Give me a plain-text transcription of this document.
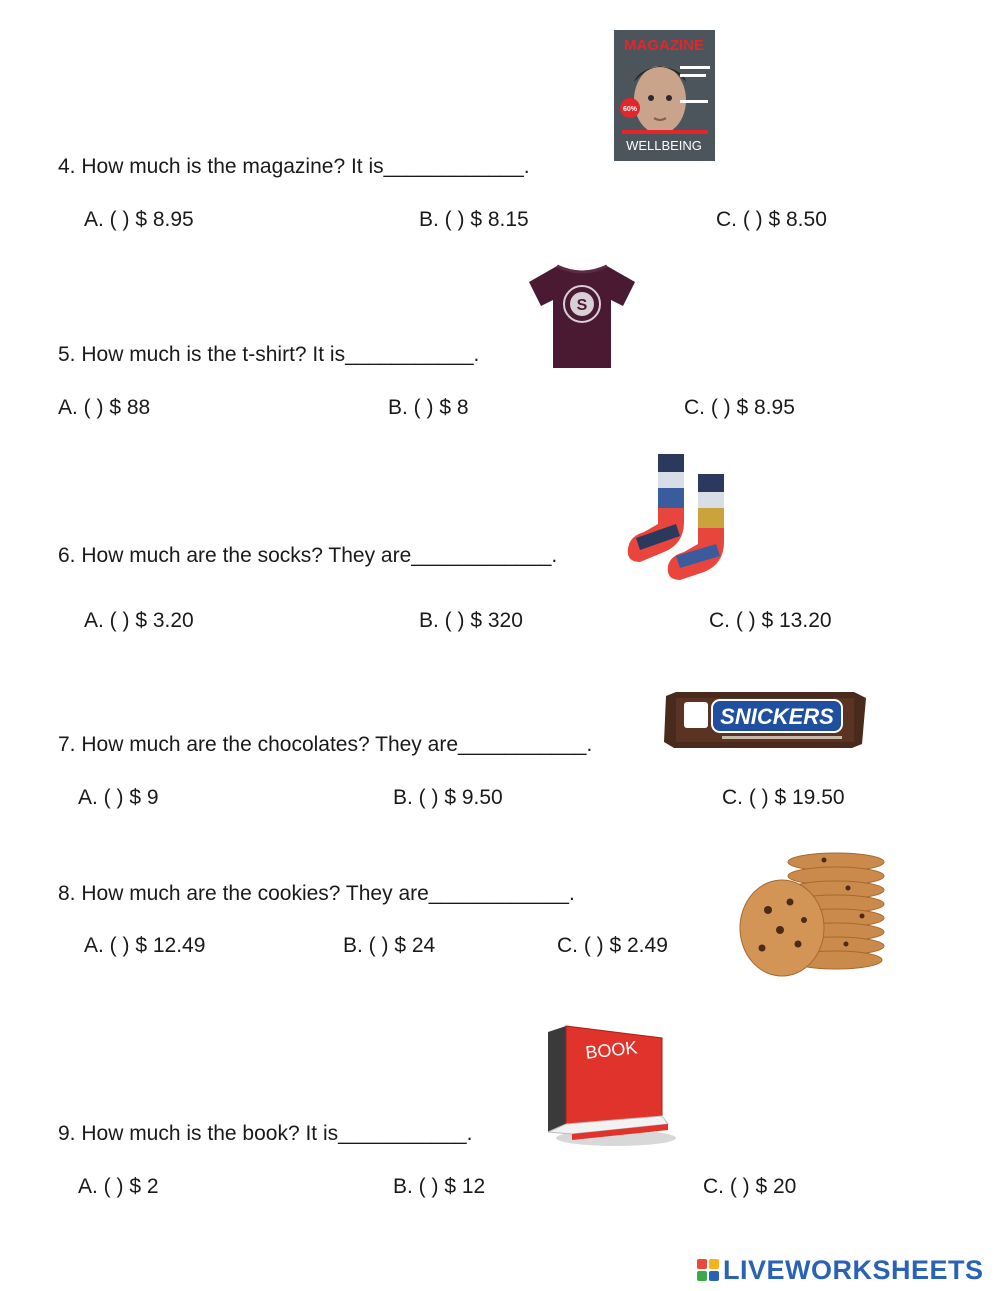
4. How much is the magazine? It is____________.
A. ( ) $ 8.95	B. ( ) $ 8.15	C. ( ) $ 8.50
MAGAZINE
60%
WELLBEING
5. How much is the t-shirt? It is___________.
A. ( ) $ 88	B. ( ) $ 8	C. ( ) $ 8.95
S
6. How much are the socks? They are____________.
A. ( ) $ 3.20	B. ( ) $ 320	C. ( ) $ 13.20
7. How much are the chocolates? They are___________.
A. ( ) $ 9	B. ( ) $ 9.50	C. ( ) $ 19.50
SNICKERS
8. How much are the cookies? They are____________.
A. ( ) $ 12.49	B. ( ) $ 24	C. ( ) $ 2.49
9. How much is the book? It is___________.
A. ( ) $ 2	B. ( ) $ 12	C. ( ) $ 20
BOOK
LIVEWORKSHEETS
